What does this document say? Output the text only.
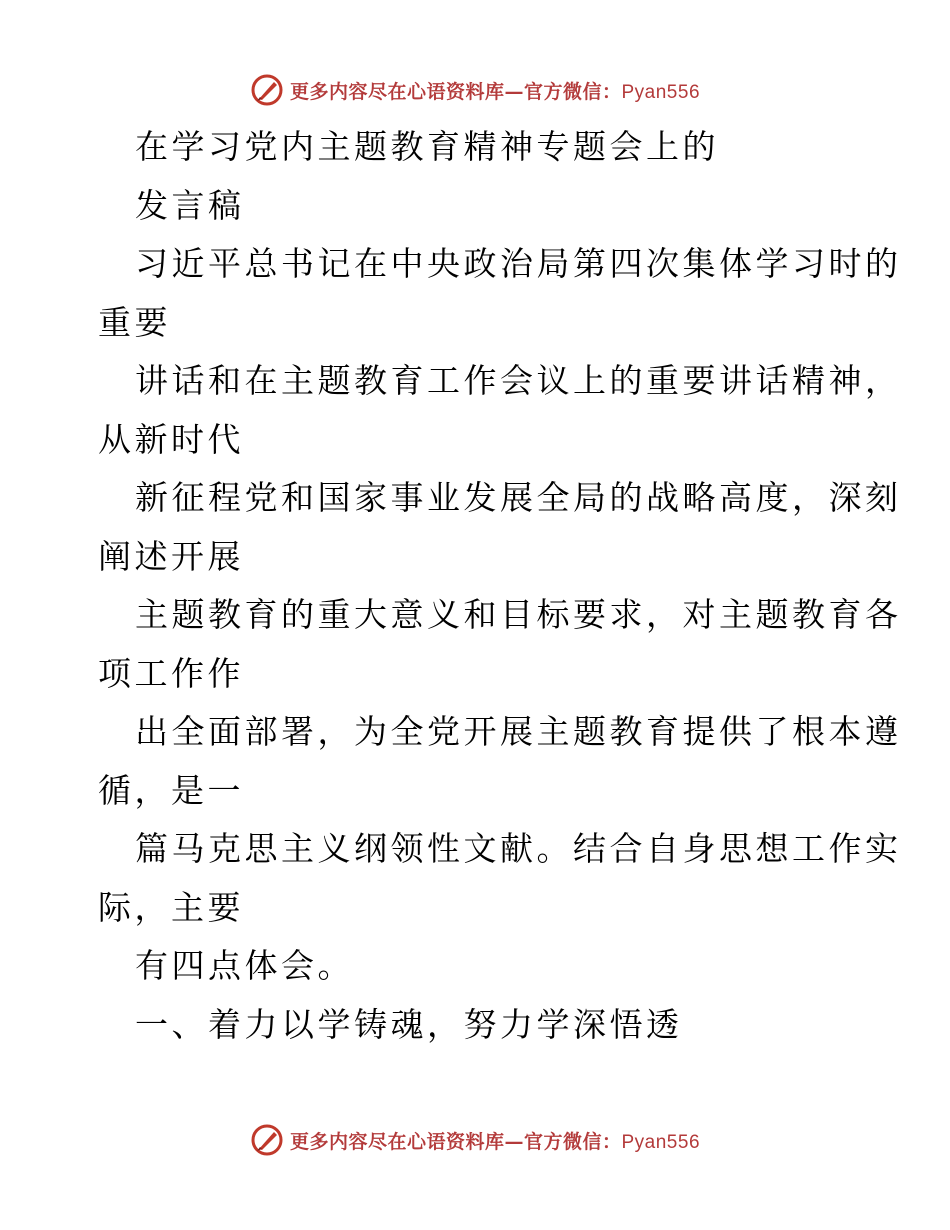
更多内容尽在心语资料库—官方微信：Pyan556
在学习党内主题教育精神专题会上的
发言稿
习近平总书记在中央政治局第四次集体学习时的
重要
讲话和在主题教育工作会议上的重要讲话精神，
从新时代
新征程党和国家事业发展全局的战略高度，深刻
阐述开展
主题教育的重大意义和目标要求，对主题教育各
项工作作
出全面部署，为全党开展主题教育提供了根本遵
循，是一
篇马克思主义纲领性文献。结合自身思想工作实
际，主要
有四点体会。
一、着力以学铸魂，努力学深悟透
更多内容尽在心语资料库—官方微信：Pyan556
